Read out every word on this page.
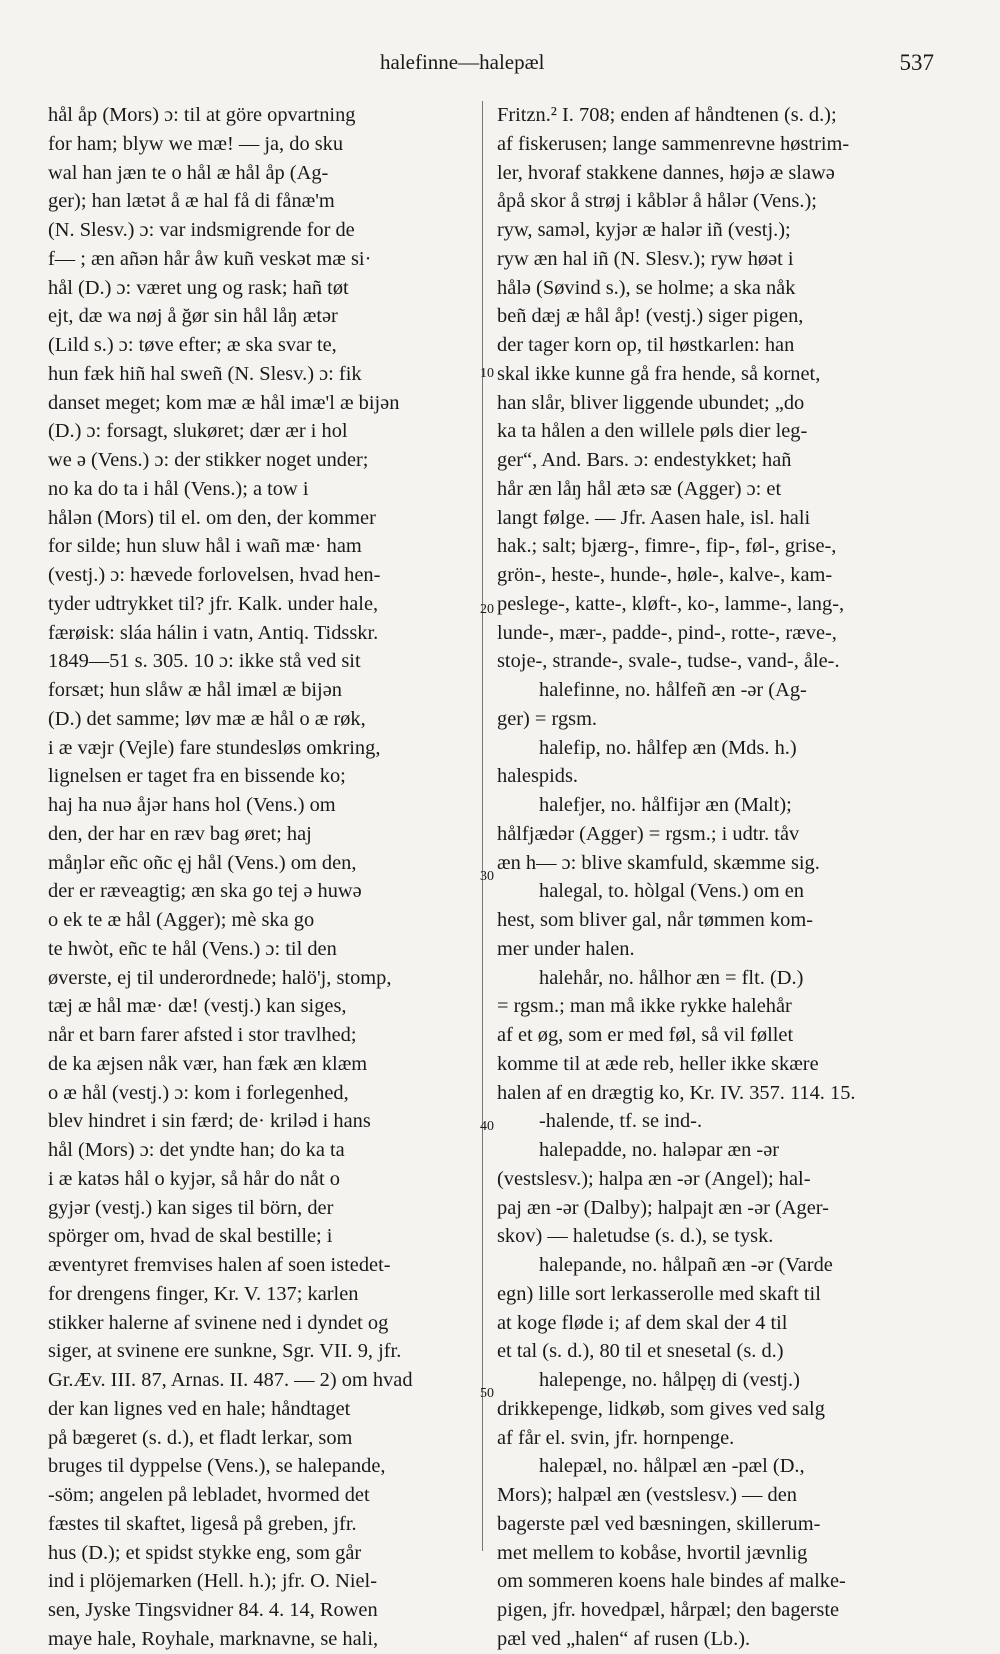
halefinne—halepæl	537
hål åp (Mors) ɔ: til at göre opvartning
for ham; blyw we mæ! — ja, do sku
wal han jæn te o hål æ hål åp (Ag-
ger); han lætət å æ hal få di fånæ'm
(N. Slesv.) ɔ: var indsmigrende for de
f— ; æn añən hår åw kuñ veskət mæ si·
hål (D.) ɔ: været ung og rask; hañ tøt
ejt, dæ wa nøj å ğør sin hål låŋ ætər
(Lild s.) ɔ: tøve efter; æ ska svar te,
hun fæk hiñ hal sweñ (N. Slesv.) ɔ: fik
danset meget; kom mæ æ hål imæ'l æ bijən
(D.) ɔ: forsagt, slukøret; dær ær i hol
we ə (Vens.) ɔ: der stikker noget under;
no ka do ta i hål (Vens.); a tow i
hålən (Mors) til el. om den, der kommer
for silde; hun sluw hål i wañ mæ· ham
(vestj.) ɔ: hævede forlovelsen, hvad hen-
tyder udtrykket til? jfr. Kalk. under hale,
færøisk: sláa hálin i vatn, Antiq. Tidsskr.
1849—51 s. 305. 10 ɔ: ikke stå ved sit
forsæt; hun slåw æ hål imæl æ bijən
(D.) det samme; løv mæ æ hål o æ røk,
i æ væjr (Vejle) fare stundesløs omkring,
lignelsen er taget fra en bissende ko;
haj ha nuə åjər hans hol (Vens.) om
den, der har en ræv bag øret; haj
måŋlər eñc oñc ęj hål (Vens.) om den,
der er ræveagtig; æn ska go tej ə huwə
o ek te æ hål (Agger); mè ska go
te hwòt, eñc te hål (Vens.) ɔ: til den
øverste, ej til underordnede; halö'j, stomp,
tæj æ hål mæ· dæ! (vestj.) kan siges,
når et barn farer afsted i stor travlhed;
de ka æjsen nåk vær, han fæk æn klæm
o æ hål (vestj.) ɔ: kom i forlegenhed,
blev hindret i sin færd; de· kriləd i hans
hål (Mors) ɔ: det yndte han; do ka ta
i æ katəs hål o kyjər, så hår do nåt o
gyjər (vestj.) kan siges til börn, der
spörger om, hvad de skal bestille; i
æventyret fremvises halen af soen istedet-
for drengens finger, Kr. V. 137; karlen
stikker halerne af svinene ned i dyndet og
siger, at svinene ere sunkne, Sgr. VII. 9, jfr.
Gr.Æv. III. 87, Arnas. II. 487. — 2) om hvad
der kan lignes ved en hale; håndtaget
på bægeret (s. d.), et fladt lerkar, som
bruges til dyppelse (Vens.), se halepande,
-söm; angelen på lebladet, hvormed det
fæstes til skaftet, ligeså på greben, jfr.
hus (D.); et spidst stykke eng, som går
ind i plöjemarken (Hell. h.); jfr. O. Niel-
sen, Jyske Tingsvidner 84. 4. 14, Rowen
maye hale, Royhale, marknavne, se hali,
Fritzn.² I. 708; enden af håndtenen (s. d.);
af fiskerusen; lange sammenrevne høstrim-
ler, hvoraf stakkene dannes, højə æ slawə
åpå skor å strøj i kåblər å hålər (Vens.);
ryw, saməl, kyjər æ halər iñ (vestj.);
ryw æn hal iñ (N. Slesv.); ryw høət i
hålə (Søvind s.), se holme; a ska nåk
beñ dæj æ hål åp! (vestj.) siger pigen,
der tager korn op, til høstkarlen: han
skal ikke kunne gå fra hende, så kornet,
han slår, bliver liggende ubundet; „do
ka ta hålen a den willele pøls dier leg-
ger“, And. Bars. ɔ: endestykket; hañ
hår æn låŋ hål ætə sæ (Agger) ɔ: et
langt følge. — Jfr. Aasen hale, isl. hali
hak.; salt; bjærg-, fimre-, fip-, føl-, grise-,
grön-, heste-, hunde-, høle-, kalve-, kam-
peslege-, katte-, kløft-, ko-, lamme-, lang-,
lunde-, mær-, padde-, pind-, rotte-, ræve-,
stoje-, strande-, svale-, tudse-, vand-, åle-.
halefinne, no. hålfeñ æn -ər (Ag-
ger) = rgsm.
halefip, no. hålfep æn (Mds. h.)
halespids.
halefjer, no. hålfijər æn (Malt);
hålfjædər (Agger) = rgsm.; i udtr. tåv
æn h— ɔ: blive skamfuld, skæmme sig.
halegal, to. hòlgal (Vens.) om en
hest, som bliver gal, når tømmen kom-
mer under halen.
halehår, no. hålhor æn = flt. (D.)
= rgsm.; man må ikke rykke halehår
af et øg, som er med føl, så vil føllet
komme til at æde reb, heller ikke skære
halen af en drægtig ko, Kr. IV. 357. 114. 15.
-halende, tf. se ind-.
halepadde, no. haləpar æn -ər
(vestslesv.); halpa æn -ər (Angel); hal-
paj æn -ər (Dalby); halpajt æn -ər (Ager-
skov) — haletudse (s. d.), se tysk.
halepande, no. hålpañ æn -ər (Varde
egn) lille sort lerkasserolle med skaft til
at koge fløde i; af dem skal der 4 til
et tal (s. d.), 80 til et snesetal (s. d.)
halepenge, no. hålpęŋ di (vestj.)
drikkepenge, lidkøb, som gives ved salg
af får el. svin, jfr. hornpenge.
halepæl, no. hålpæl æn -pæl (D.,
Mors); halpæl æn (vestslesv.) — den
bagerste pæl ved bæsningen, skillerum-
met mellem to kobåse, hvortil jævnlig
om sommeren koens hale bindes af malke-
pigen, jfr. hovedpæl, hårpæl; den bagerste
pæl ved „halen“ af rusen (Lb.).
10
20
30
40
50
